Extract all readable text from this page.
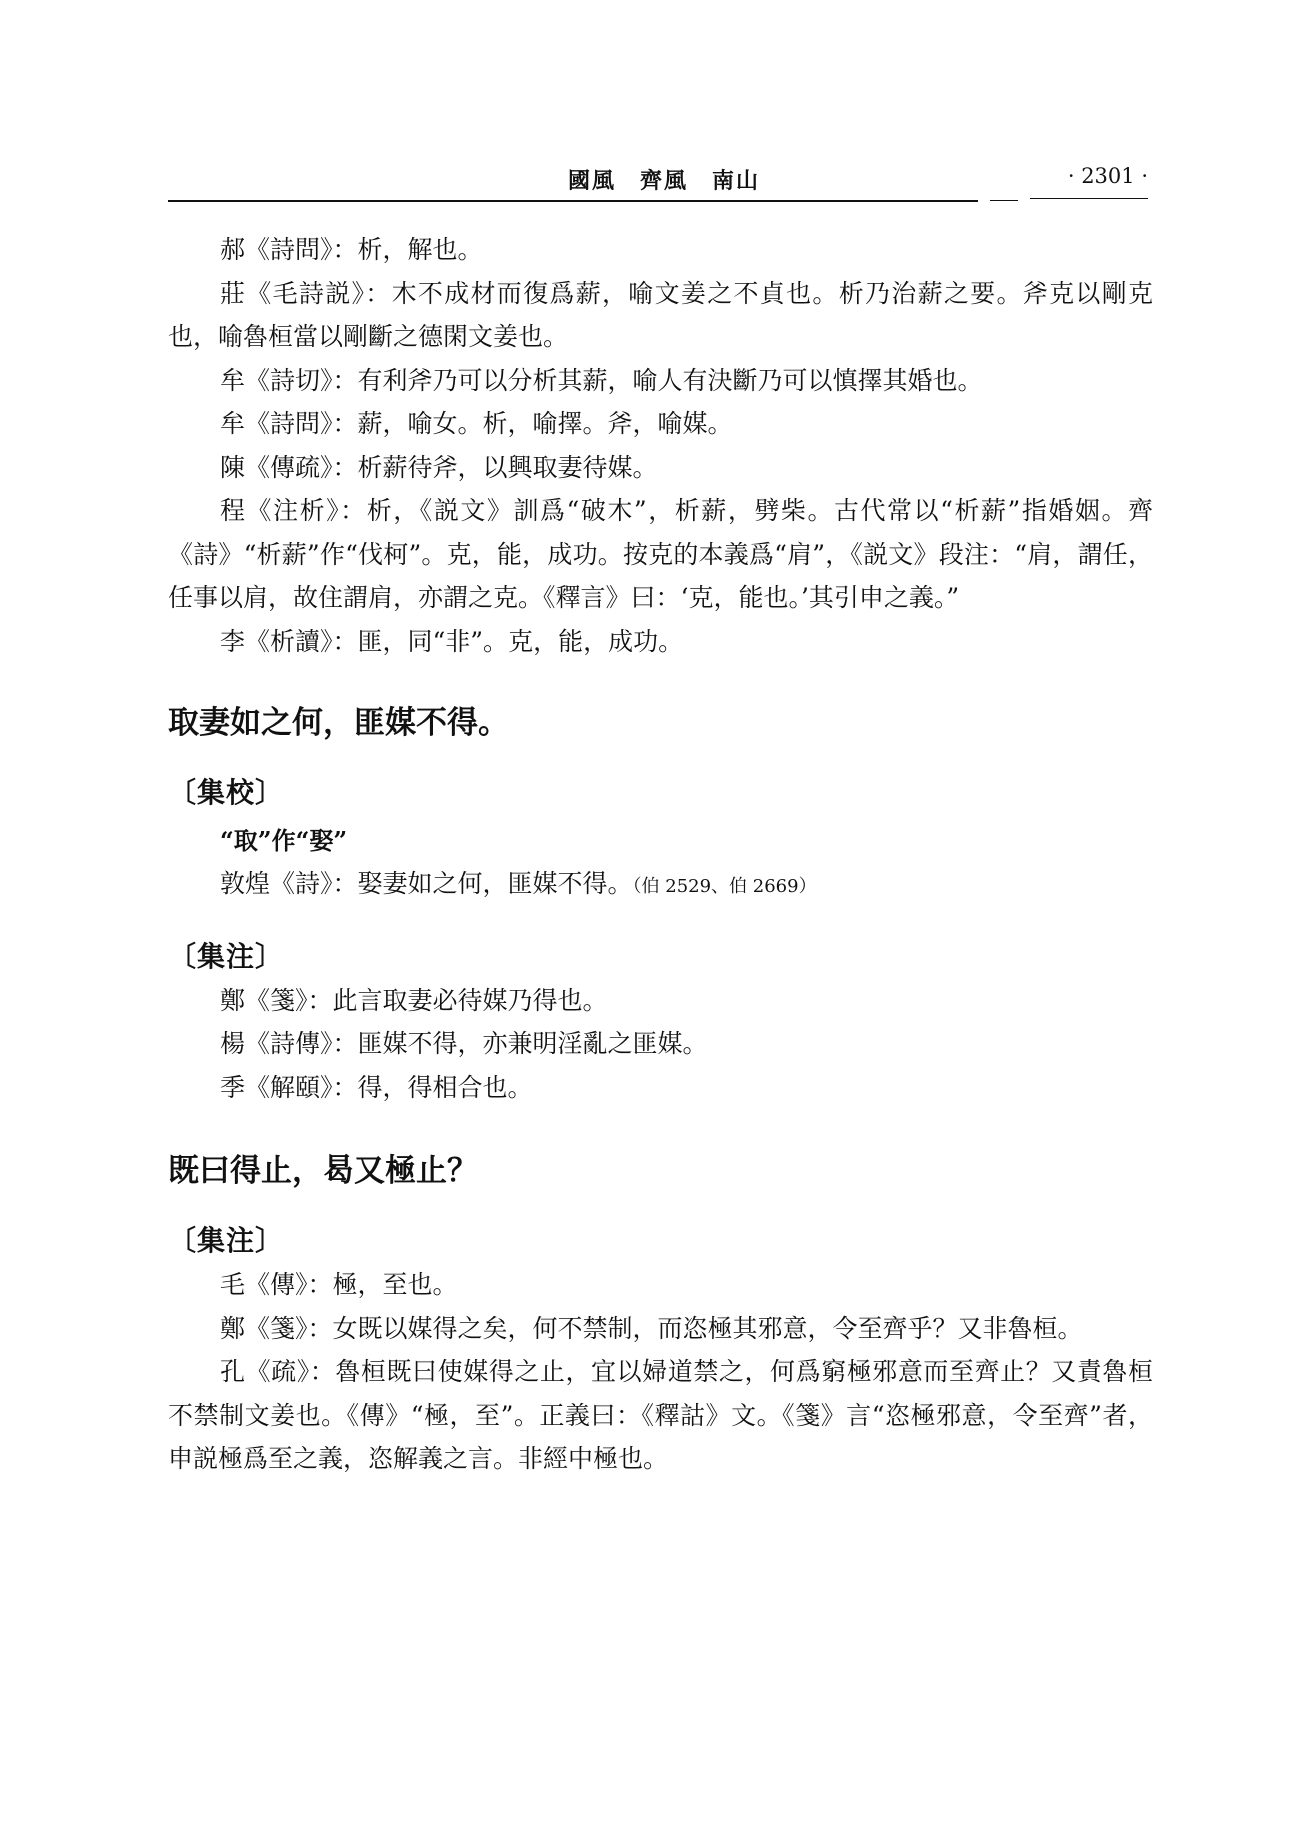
國風　齊風　南山	· 2301 ·

郝《詩問》：析，解也。

莊《毛詩説》：木不成材而復爲薪，喻文姜之不貞也。析乃治薪之要。斧克以剛克也，喻魯桓當以剛斷之德閑文姜也。

牟《詩切》：有利斧乃可以分析其薪，喻人有決斷乃可以慎擇其婚也。

牟《詩問》：薪，喻女。析，喻擇。斧，喻媒。

陳《傳疏》：析薪待斧，以興取妻待媒。

程《注析》：析，《説文》訓爲“破木”，析薪，劈柴。古代常以“析薪”指婚姻。齊《詩》“析薪”作“伐柯”。克，能，成功。按克的本義爲“肩”，《説文》段注：“肩，謂任，任事以肩，故住謂肩，亦謂之克。《釋言》曰：‘克，能也。’其引申之義。”

李《析讀》：匪，同“非”。克，能，成功。

取妻如之何，匪媒不得。

〔集校〕

“取”作“娶”

敦煌《詩》：娶妻如之何，匪媒不得。（伯 2529、伯 2669）

〔集注〕

鄭《箋》：此言取妻必待媒乃得也。

楊《詩傳》：匪媒不得，亦兼明淫亂之匪媒。

季《解頤》：得，得相合也。

既曰得止，曷又極止？

〔集注〕

毛《傳》：極，至也。

鄭《箋》：女既以媒得之矣，何不禁制，而恣極其邪意，令至齊乎？又非魯桓。

孔《疏》：魯桓既曰使媒得之止，宜以婦道禁之，何爲窮極邪意而至齊止？又責魯桓不禁制文姜也。《傳》“極，至”。正義曰：《釋詁》文。《箋》言“恣極邪意，令至齊”者，申説極爲至之義，恣解義之言。非經中極也。
